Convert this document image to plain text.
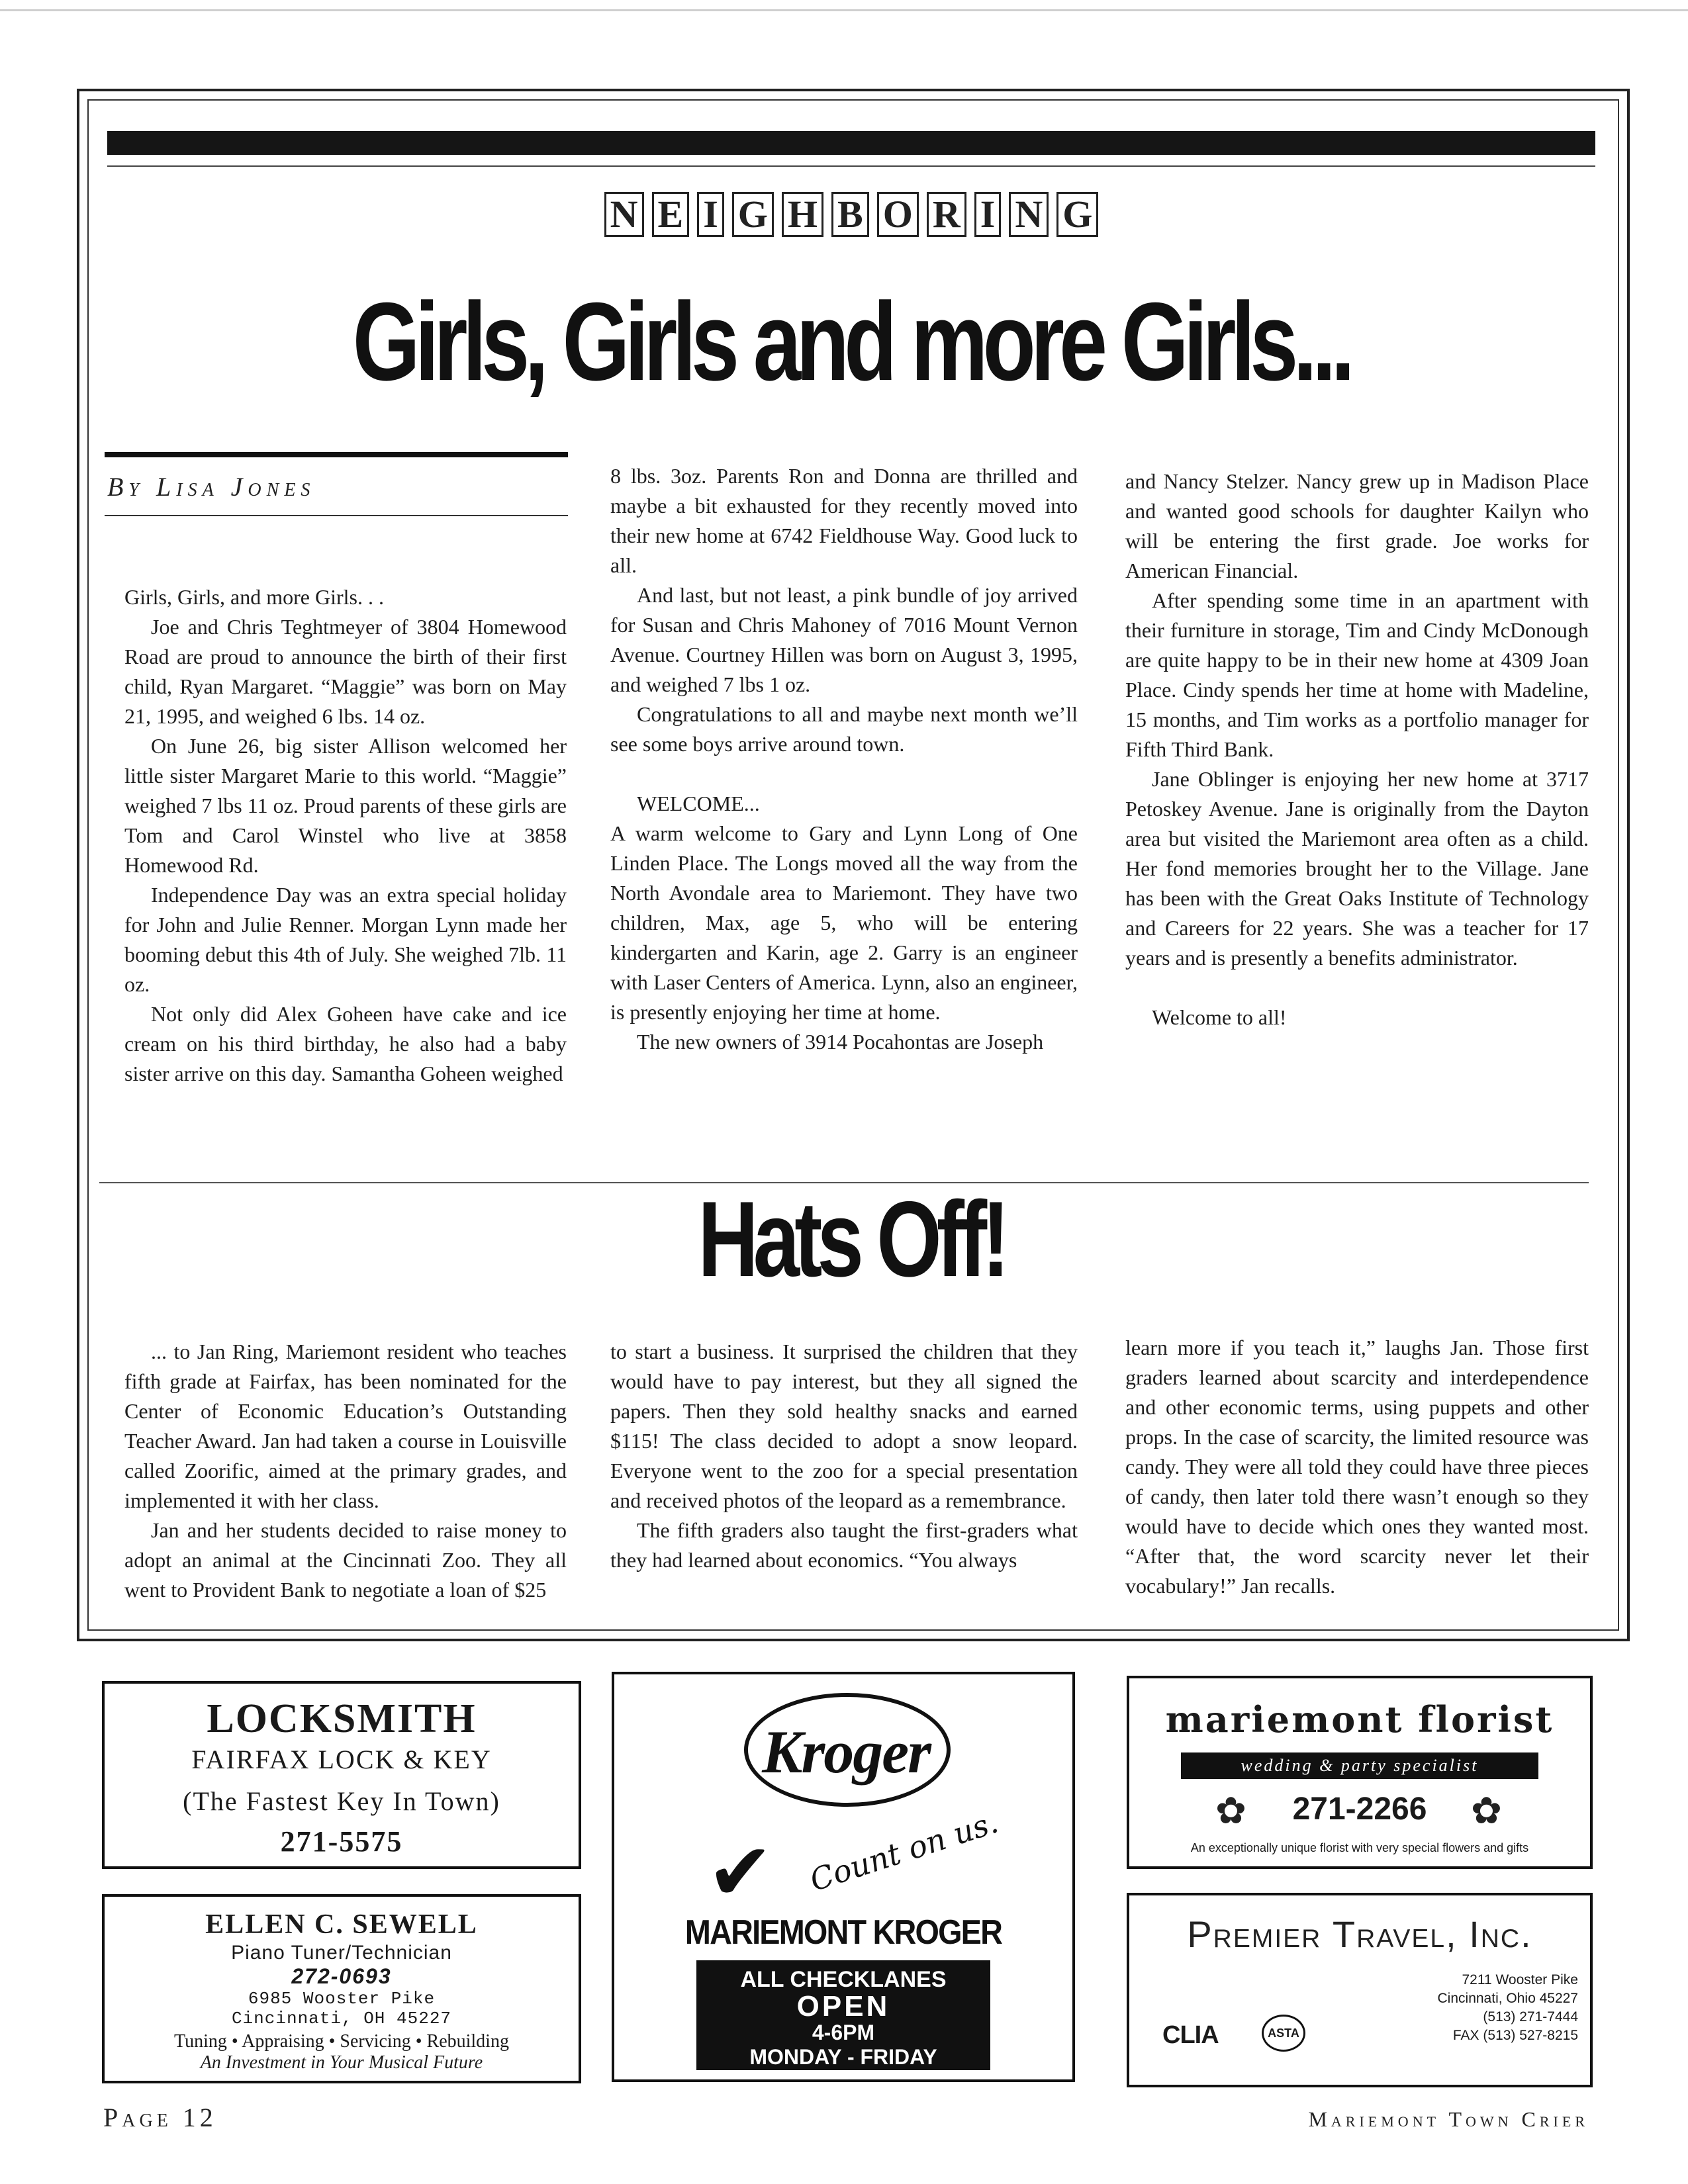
N E I G H B O R I N G
Girls, Girls and more Girls...
By Lisa Jones

Girls, Girls, and more Girls. . .

Joe and Chris Teghtmeyer of 3804 Homewood Road are proud to announce the birth of their first child, Ryan Margaret. “Maggie” was born on May 21, 1995, and weighed 6 lbs. 14 oz.

On June 26, big sister Allison welcomed her little sister Margaret Marie to this world. “Maggie” weighed 7 lbs 11 oz. Proud parents of these girls are Tom and Carol Winstel who live at 3858 Homewood Rd.

Independence Day was an extra special holiday for John and Julie Renner. Morgan Lynn made her booming debut this 4th of July. She weighed 7lb. 11 oz.

Not only did Alex Goheen have cake and ice cream on his third birthday, he also had a baby sister arrive on this day. Samantha Goheen weighed

8 lbs. 3oz. Parents Ron and Donna are thrilled and maybe a bit exhausted for they recently moved into their new home at 6742 Fieldhouse Way. Good luck to all.

And last, but not least, a pink bundle of joy arrived for Susan and Chris Mahoney of 7016 Mount Vernon Avenue. Courtney Hillen was born on August 3, 1995, and weighed 7 lbs 1 oz.

Congratulations to all and maybe next month we’ll see some boys arrive around town.

WELCOME...

A warm welcome to Gary and Lynn Long of One Linden Place. The Longs moved all the way from the North Avondale area to Mariemont. They have two children, Max, age 5, who will be entering kindergarten and Karin, age 2. Garry is an engineer with Laser Centers of America. Lynn, also an engineer, is presently enjoying her time at home.

The new owners of 3914 Pocahontas are Joseph

and Nancy Stelzer. Nancy grew up in Madison Place and wanted good schools for daughter Kailyn who will be entering the first grade. Joe works for American Financial.

After spending some time in an apartment with their furniture in storage, Tim and Cindy McDonough are quite happy to be in their new home at 4309 Joan Place. Cindy spends her time at home with Madeline, 15 months, and Tim works as a portfolio manager for Fifth Third Bank.

Jane Oblinger is enjoying her new home at 3717 Petoskey Avenue. Jane is originally from the Dayton area but visited the Mariemont area often as a child. Her fond memories brought her to the Village. Jane has been with the Great Oaks Institute of Technology and Careers for 22 years. She was a teacher for 17 years and is presently a benefits administrator.

Welcome to all!

Hats Off!

... to Jan Ring, Mariemont resident who teaches fifth grade at Fairfax, has been nominated for the Center of Economic Education’s Outstanding Teacher Award. Jan had taken a course in Louisville called Zoorific, aimed at the primary grades, and implemented it with her class.

Jan and her students decided to raise money to adopt an animal at the Cincinnati Zoo. They all went to Provident Bank to negotiate a loan of $25

to start a business. It surprised the children that they would have to pay interest, but they all signed the papers. Then they sold healthy snacks and earned $115! The class decided to adopt a snow leopard. Everyone went to the zoo for a special presentation and received photos of the leopard as a remembrance.

The fifth graders also taught the first-graders what they had learned about economics. “You always

learn more if you teach it,” laughs Jan. Those first graders learned about scarcity and interdependence and other economic terms, using puppets and other props. In the case of scarcity, the limited resource was candy. They were all told they could have three pieces of candy, then later told there wasn’t enough so they would have to decide which ones they wanted most. “After that, the word scarcity never let their vocabulary!” Jan recalls.

LOCKSMITH
FAIRFAX LOCK & KEY
(The Fastest Key In Town)
271-5575
ELLEN C. SEWELL
Piano Tuner/Technician
272-0693
6985 Wooster Pike
Cincinnati, OH 45227
Tuning • Appraising • Servicing • Rebuilding
An Investment in Your Musical Future
Kroger
✔ Count on us.
MARIEMONT KROGER
ALL CHECKLANES
OPEN
4-6PM
MONDAY - FRIDAY
mariemont florist
wedding & party specialist
✿	271-2266	✿
An exceptionally unique florist with very special flowers and gifts
Premier Travel, Inc.
7211 Wooster Pike
Cincinnati, Ohio 45227
(513) 271-7444
FAX (513) 527-8215
CLIA	ASTA
Page 12	Mariemont Town Crier
